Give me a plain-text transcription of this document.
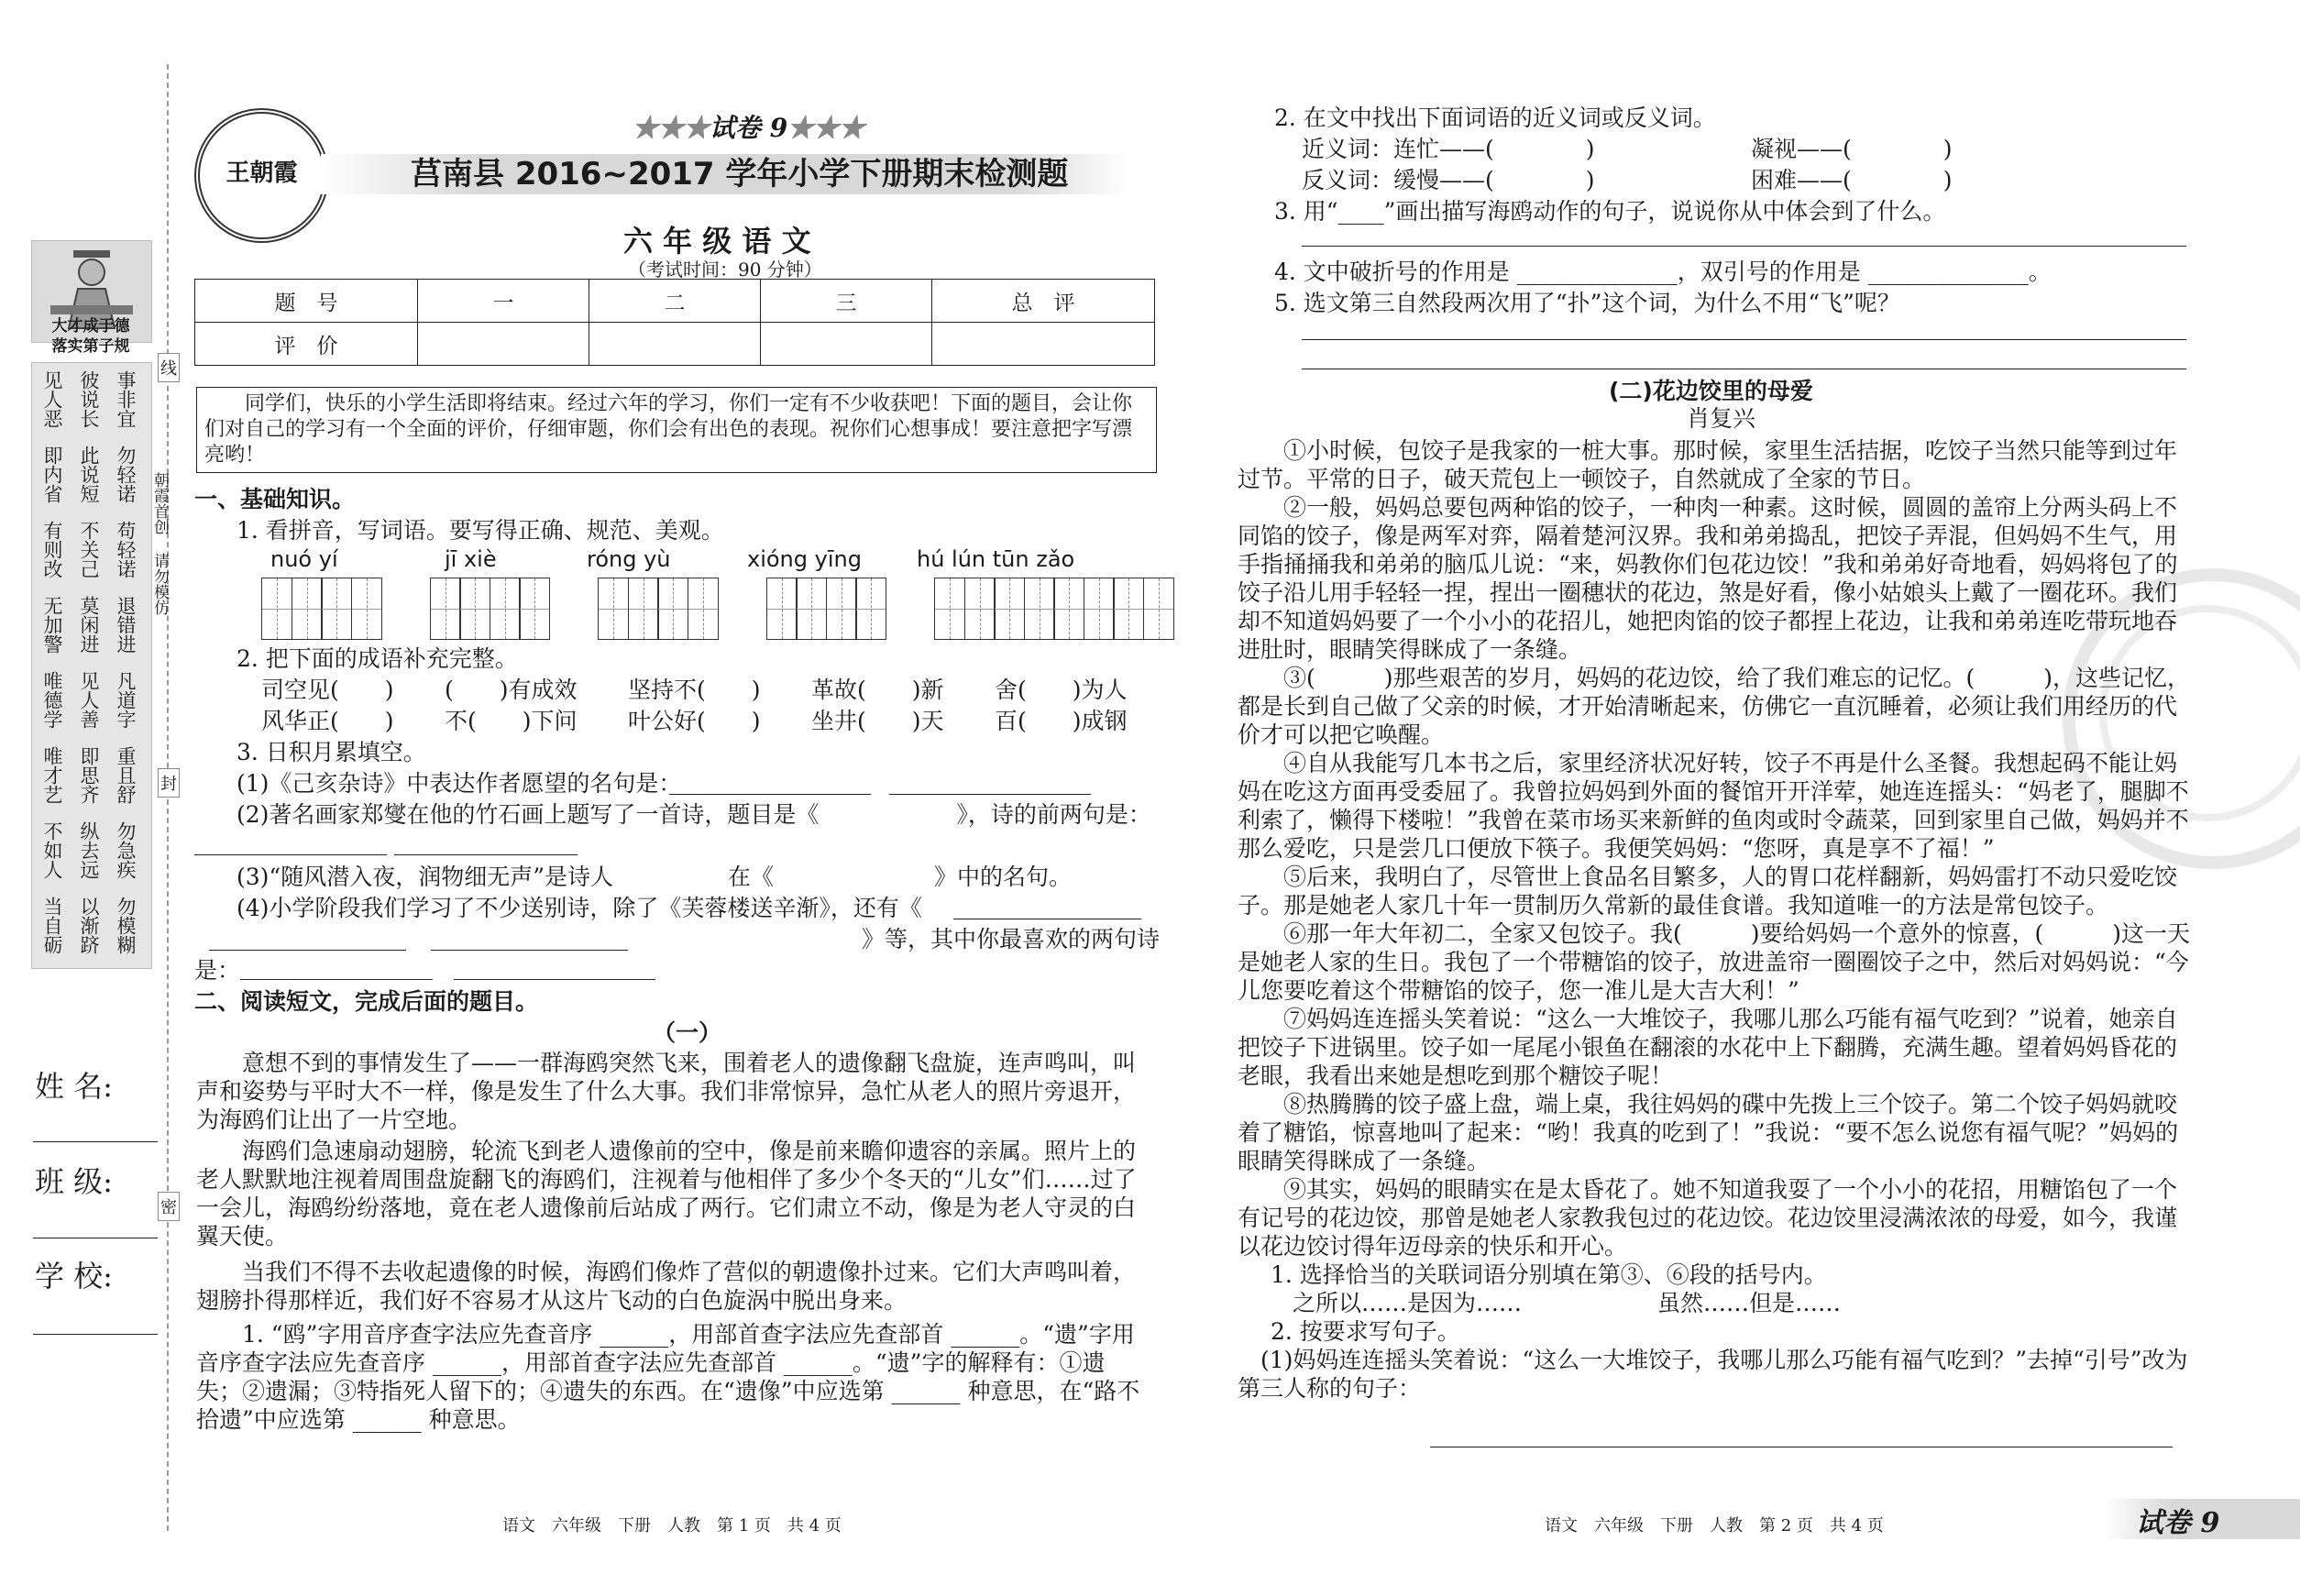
大才成于德
落实第子规
见人恶 彼说长 事非宜
即内省 此说短 勿轻诺
有则改 不关己 苟轻诺
无加警 莫闲进 退错进
唯德学 见人善 凡道字
唯才艺 即思齐 重且舒
不如人 纵去远 勿急疾
当自砺 以渐跻 勿模糊
姓 名:
班 级:
学 校:
线
封
密
朝霞首创 请勿模仿
王朝霞
★★★试卷 9★★★
莒南县 2016~2017 学年小学下册期末检测题
六 年 级 语 文
（考试时间：90 分钟）
题　号	一	二	三	总　评
评　价				
同学们，快乐的小学生活即将结束。经过六年的学习，你们一定有不少收获吧！下面的题目，会让你们对自己的学习有一个全面的评价，仔细审题，你们会有出色的表现。祝你们心想事成！要注意把字写漂亮哟！
一、基础知识。
1. 看拼音，写词语。要写得正确、规范、美观。
nuó yí	jī xiè	róng yù	xióng yīng	hú lún tūn zǎo
2. 把下面的成语补充完整。
司空见(　　) (　　)有成效 坚持不(　　) 革故(　　)新 舍(　　)为人
风华正(　　) 不(　　)下问 叶公好(　　) 坐井(　　)天 百(　　)成钢
3. 日积月累填空。
(1)《己亥杂诗》中表达作者愿望的名句是：
(2)著名画家郑燮在他的竹石画上题写了一首诗，题目是《　　　　　　》，诗的前两句是：
(3)“随风潜入夜，润物细无声”是诗人　　　　　在《　　　　　　　》中的名句。
(4)小学阶段我们学习了不少送别诗，除了《芙蓉楼送辛渐》，还有《
》等，其中你最喜欢的两句诗
是：
二、阅读短文，完成后面的题目。
（一）
意想不到的事情发生了——一群海鸥突然飞来，围着老人的遗像翻飞盘旋，连声鸣叫，叫声和姿势与平时大不一样，像是发生了什么大事。我们非常惊异，急忙从老人的照片旁退开，为海鸥们让出了一片空地。
海鸥们急速扇动翅膀，轮流飞到老人遗像前的空中，像是前来瞻仰遗容的亲属。照片上的老人默默地注视着周围盘旋翻飞的海鸥们，注视着与他相伴了多少个冬天的“儿女”们……过了一会儿，海鸥纷纷落地，竟在老人遗像前后站成了两行。它们肃立不动，像是为老人守灵的白翼天使。
当我们不得不去收起遗像的时候，海鸥们像炸了营似的朝遗像扑过来。它们大声鸣叫着，翅膀扑得那样近，我们好不容易才从这片飞动的白色旋涡中脱出身来。
1. “鸥”字用音序查字法应先查音序 ______，用部首查字法应先查部首 ______。“遗”字用音序查字法应先查音序 ______，用部首查字法应先查部首 ______。“遗”字的解释有：①遗失；②遗漏；③特指死人留下的；④遗失的东西。在“遗像”中应选第 ______ 种意思，在“路不拾遗”中应选第 ______ 种意思。
语文　六年级　下册　人教　第 1 页　共 4 页
2. 在文中找出下面词语的近义词或反义词。
近义词：连忙——(　　　　)	凝视——(　　　　)
反义词：缓慢——(　　　　)	困难——(　　　　)
3. 用“____”画出描写海鸥动作的句子，说说你从中体会到了什么。
4. 文中破折号的作用是 ______________，双引号的作用是 ______________。
5. 选文第三自然段两次用了“扑”这个词，为什么不用“飞”呢？
(二)花边饺里的母爱
肖复兴
①小时候，包饺子是我家的一桩大事。那时候，家里生活拮据，吃饺子当然只能等到过年过节。平常的日子，破天荒包上一顿饺子，自然就成了全家的节日。
②一般，妈妈总要包两种馅的饺子，一种肉一种素。这时候，圆圆的盖帘上分两头码上不同馅的饺子，像是两军对弈，隔着楚河汉界。我和弟弟捣乱，把饺子弄混，但妈妈不生气，用手指捅捅我和弟弟的脑瓜儿说：“来，妈教你们包花边饺！”我和弟弟好奇地看，妈妈将包了的饺子沿儿用手轻轻一捏，捏出一圈穗状的花边，煞是好看，像小姑娘头上戴了一圈花环。我们却不知道妈妈要了一个小小的花招儿，她把肉馅的饺子都捏上花边，让我和弟弟连吃带玩地吞进肚时，眼睛笑得眯成了一条缝。
③(　　　)那些艰苦的岁月，妈妈的花边饺，给了我们难忘的记忆。(　　　)，这些记忆，都是长到自己做了父亲的时候，才开始清晰起来，仿佛它一直沉睡着，必须让我们用经历的代价才可以把它唤醒。
④自从我能写几本书之后，家里经济状况好转，饺子不再是什么圣餐。我想起码不能让妈妈在吃这方面再受委屈了。我曾拉妈妈到外面的餐馆开开洋荤，她连连摇头：“妈老了，腿脚不利索了，懒得下楼啦！”我曾在菜市场买来新鲜的鱼肉或时令蔬菜，回到家里自己做，妈妈并不那么爱吃，只是尝几口便放下筷子。我便笑妈妈：“您呀，真是享不了福！”
⑤后来，我明白了，尽管世上食品名目繁多，人的胃口花样翻新，妈妈雷打不动只爱吃饺子。那是她老人家几十年一贯制历久常新的最佳食谱。我知道唯一的方法是常包饺子。
⑥那一年大年初二，全家又包饺子。我(　　　)要给妈妈一个意外的惊喜，(　　　)这一天是她老人家的生日。我包了一个带糖馅的饺子，放进盖帘一圈圈饺子之中，然后对妈妈说：“今儿您要吃着这个带糖馅的饺子，您一准儿是大吉大利！”
⑦妈妈连连摇头笑着说：“这么一大堆饺子，我哪儿那么巧能有福气吃到？”说着，她亲自把饺子下进锅里。饺子如一尾尾小银鱼在翻滚的水花中上下翻腾，充满生趣。望着妈妈昏花的老眼，我看出来她是想吃到那个糖饺子呢！
⑧热腾腾的饺子盛上盘，端上桌，我往妈妈的碟中先拨上三个饺子。第二个饺子妈妈就咬着了糖馅，惊喜地叫了起来：“哟！我真的吃到了！”我说：“要不怎么说您有福气呢？”妈妈的眼睛笑得眯成了一条缝。
⑨其实，妈妈的眼睛实在是太昏花了。她不知道我耍了一个小小的花招，用糖馅包了一个有记号的花边饺，那曾是她老人家教我包过的花边饺。花边饺里浸满浓浓的母爱，如今，我谨以花边饺讨得年迈母亲的快乐和开心。
1. 选择恰当的关联词语分别填在第③、⑥段的括号内。
之所以……是因为……	虽然……但是……
2. 按要求写句子。
(1)妈妈连连摇头笑着说：“这么一大堆饺子，我哪儿那么巧能有福气吃到？”去掉“引号”改为第三人称的句子：
语文　六年级　下册　人教　第 2 页　共 4 页	试卷 9
